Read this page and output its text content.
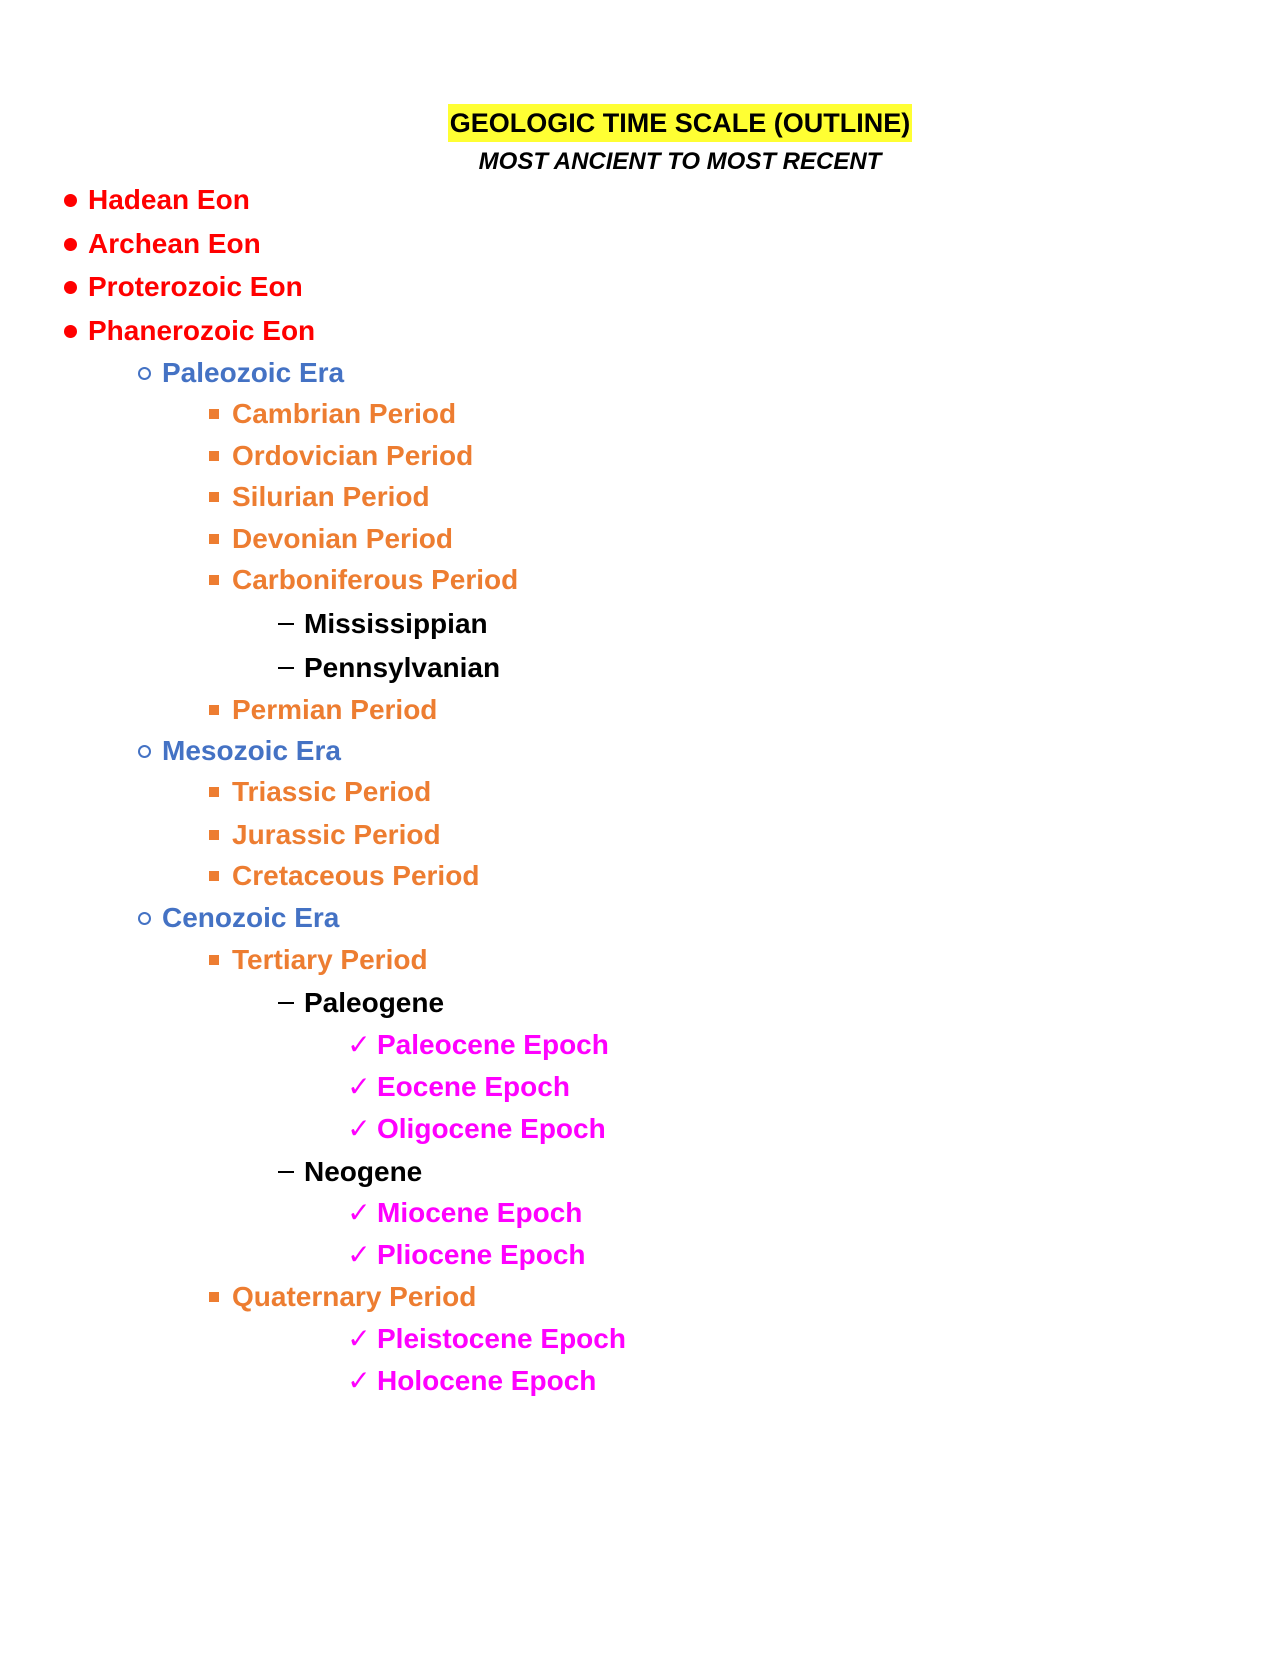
GEOLOGIC TIME SCALE (OUTLINE)
MOST ANCIENT TO MOST RECENT
Hadean Eon
Archean Eon
Proterozoic Eon
Phanerozoic Eon
Paleozoic Era
Cambrian Period
Ordovician Period
Silurian Period
Devonian Period
Carboniferous Period
Mississippian
Pennsylvanian
Permian Period
Mesozoic Era
Triassic Period
Jurassic Period
Cretaceous Period
Cenozoic Era
Tertiary Period
Paleogene
✓ Paleocene Epoch
✓ Eocene Epoch
✓ Oligocene Epoch
Neogene
✓ Miocene Epoch
✓ Pliocene Epoch
Quaternary Period
✓ Pleistocene Epoch
✓ Holocene Epoch
